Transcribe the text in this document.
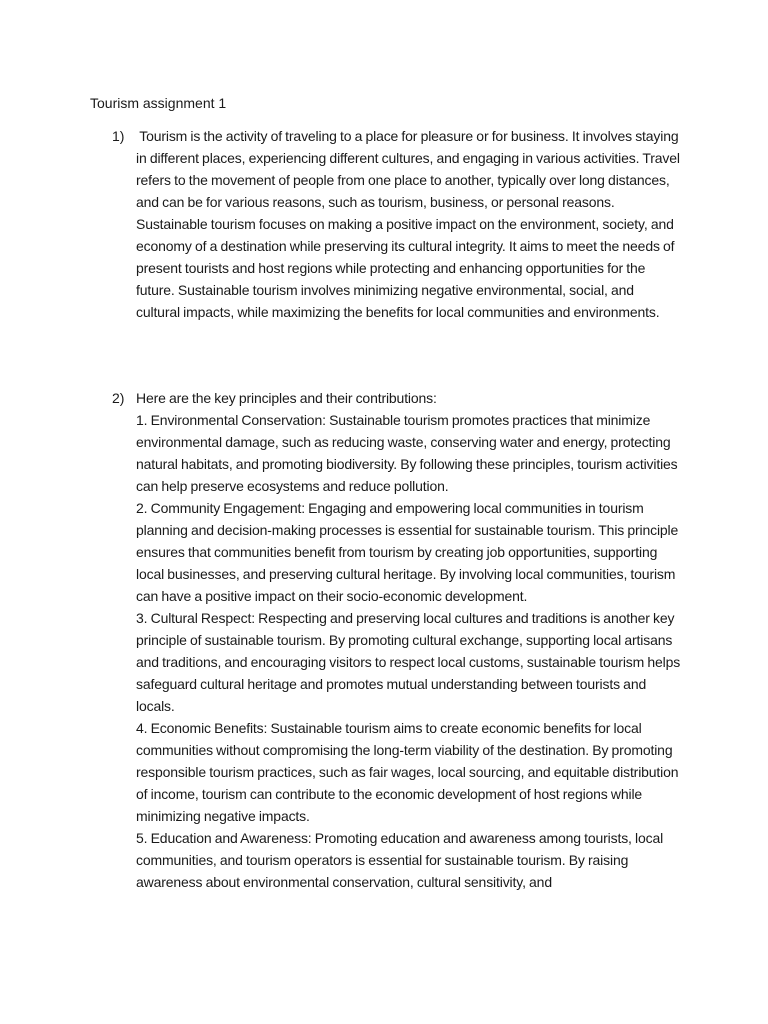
Tourism assignment 1
1) Tourism is the activity of traveling to a place for pleasure or for business. It involves staying in different places, experiencing different cultures, and engaging in various activities. Travel refers to the movement of people from one place to another, typically over long distances, and can be for various reasons, such as tourism, business, or personal reasons.

Sustainable tourism focuses on making a positive impact on the environment, society, and economy of a destination while preserving its cultural integrity. It aims to meet the needs of present tourists and host regions while protecting and enhancing opportunities for the future. Sustainable tourism involves minimizing negative environmental, social, and cultural impacts, while maximizing the benefits for local communities and environments.

2) Here are the key principles and their contributions:

1. Environmental Conservation: Sustainable tourism promotes practices that minimize environmental damage, such as reducing waste, conserving water and energy, protecting natural habitats, and promoting biodiversity. By following these principles, tourism activities can help preserve ecosystems and reduce pollution.

2. Community Engagement: Engaging and empowering local communities in tourism planning and decision-making processes is essential for sustainable tourism. This principle ensures that communities benefit from tourism by creating job opportunities, supporting local businesses, and preserving cultural heritage. By involving local communities, tourism can have a positive impact on their socio-economic development.

3. Cultural Respect: Respecting and preserving local cultures and traditions is another key principle of sustainable tourism. By promoting cultural exchange, supporting local artisans and traditions, and encouraging visitors to respect local customs, sustainable tourism helps safeguard cultural heritage and promotes mutual understanding between tourists and locals.

4. Economic Benefits: Sustainable tourism aims to create economic benefits for local communities without compromising the long-term viability of the destination. By promoting responsible tourism practices, such as fair wages, local sourcing, and equitable distribution of income, tourism can contribute to the economic development of host regions while minimizing negative impacts.

5. Education and Awareness: Promoting education and awareness among tourists, local communities, and tourism operators is essential for sustainable tourism. By raising awareness about environmental conservation, cultural sensitivity, and
